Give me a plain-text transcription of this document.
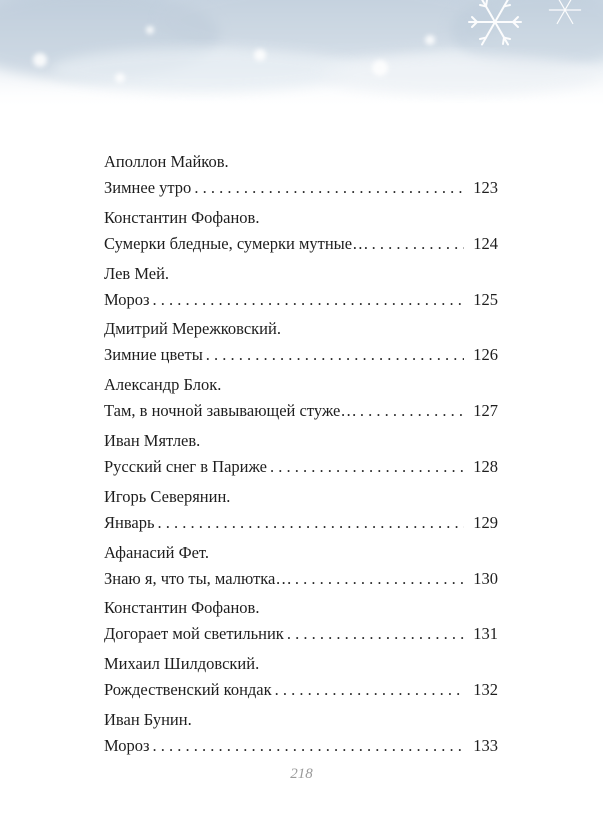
Аполлон Майков.
Зимнее утро . . .	123
Константин Фофанов.
Сумерки бледные, сумерки мутные… . . .	124
Лев Мей.
Мороз . . .	125
Дмитрий Мережковский.
Зимние цветы . . .	126
Александр Блок.
Там, в ночной завывающей стуже… . . .	127
Иван Мятлев.
Русский снег в Париже . . .	128
Игорь Северянин.
Январь . . .	129
Афанасий Фет.
Знаю я, что ты, малютка… . . .	130
Константин Фофанов.
Догорает мой светильник . . .	131
Михаил Шилдовский.
Рождественский кондак . . .	132
Иван Бунин.
Мороз . . .	133
218
